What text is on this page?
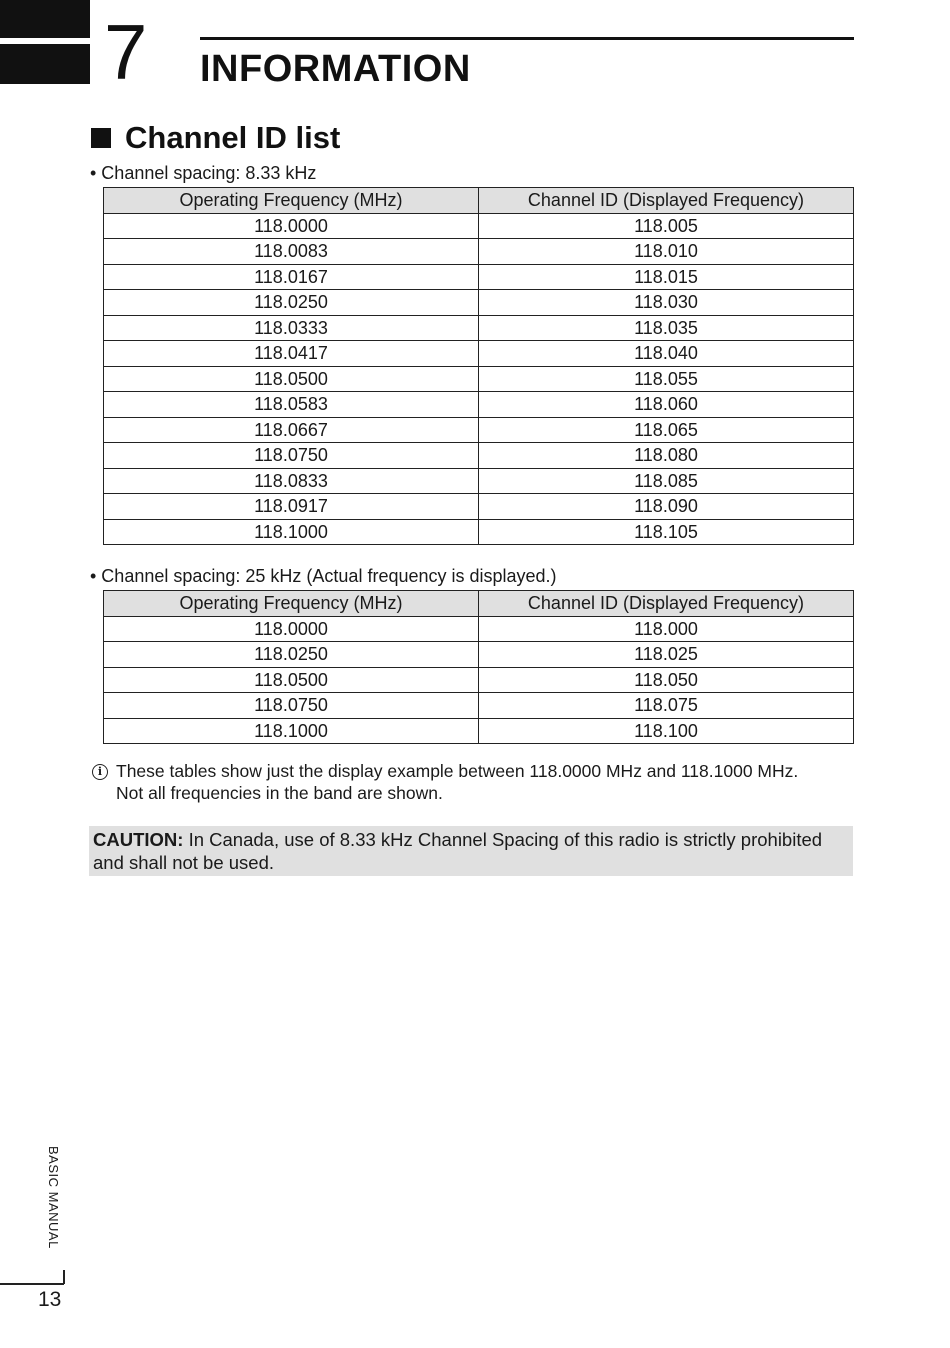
7 INFORMATION
Channel ID list
• Channel spacing: 8.33 kHz
Operating Frequency (MHz)	Channel ID (Displayed Frequency)
118.0000	118.005
118.0083	118.010
118.0167	118.015
118.0250	118.030
118.0333	118.035
118.0417	118.040
118.0500	118.055
118.0583	118.060
118.0667	118.065
118.0750	118.080
118.0833	118.085
118.0917	118.090
118.1000	118.105
• Channel spacing: 25 kHz (Actual frequency is displayed.)
Operating Frequency (MHz)	Channel ID (Displayed Frequency)
118.0000	118.000
118.0250	118.025
118.0500	118.050
118.0750	118.075
118.1000	118.100
i These tables show just the display example between 118.0000 MHz and 118.1000 MHz.
Not all frequencies in the band are shown.
CAUTION: In Canada, use of 8.33 kHz Channel Spacing of this radio is strictly prohibited and shall not be used.
BASIC MANUAL
13
